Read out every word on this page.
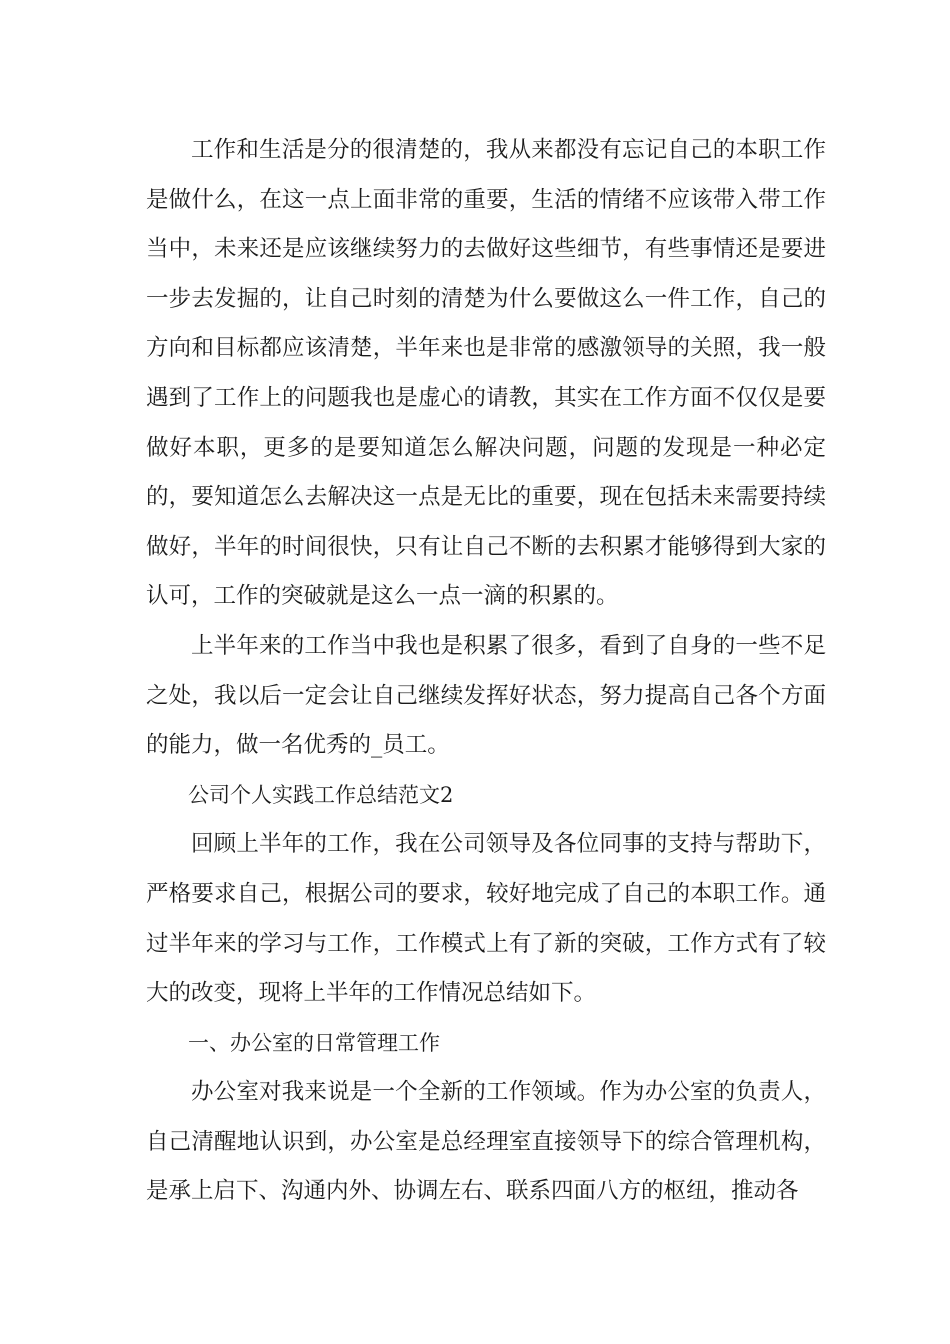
工作和生活是分的很清楚的，我从来都没有忘记自己的本职工作是做什么，在这一点上面非常的重要，生活的情绪不应该带入带工作当中，未来还是应该继续努力的去做好这些细节，有些事情还是要进一步去发掘的，让自己时刻的清楚为什么要做这么一件工作，自己的方向和目标都应该清楚，半年来也是非常的感激领导的关照，我一般遇到了工作上的问题我也是虚心的请教，其实在工作方面不仅仅是要做好本职，更多的是要知道怎么解决问题，问题的发现是一种必定的，要知道怎么去解决这一点是无比的重要，现在包括未来需要持续做好，半年的时间很快，只有让自己不断的去积累才能够得到大家的认可，工作的突破就是这么一点一滴的积累的。

上半年来的工作当中我也是积累了很多，看到了自身的一些不足之处，我以后一定会让自己继续发挥好状态，努力提高自己各个方面的能力，做一名优秀的_员工。

公司个人实践工作总结范文2

回顾上半年的工作，我在公司领导及各位同事的支持与帮助下，严格要求自己，根据公司的要求，较好地完成了自己的本职工作。通过半年来的学习与工作，工作模式上有了新的突破，工作方式有了较大的改变，现将上半年的工作情况总结如下。

一、办公室的日常管理工作

办公室对我来说是一个全新的工作领域。作为办公室的负责人，自己清醒地认识到，办公室是总经理室直接领导下的综合管理机构，是承上启下、沟通内外、协调左右、联系四面八方的枢纽，推动各
